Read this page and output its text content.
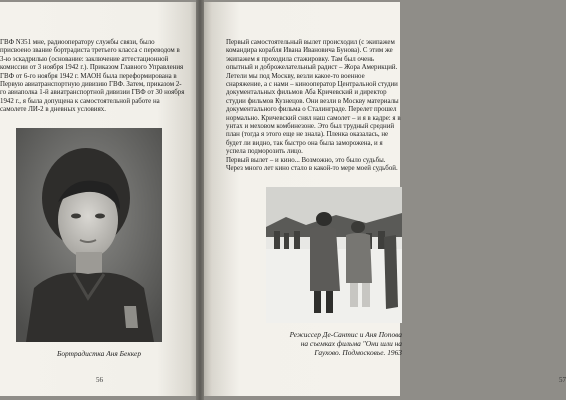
ГВФ N351 мне, радиооператору службы связи, было присвоено звание бортрадиста третьего класса с переводом в 3-ю эскадрилью (основание: заключение аттестационной комиссии от 3 ноября 1942 г.). Приказом Главного Управления ГВФ от 6-го ноября 1942 г. МАОН была переформирована в Первую авиатранспортную дивизию ГВФ. Затем, приказом 2-го авиаполка 1-й авиатранспортной дивизии ГВФ от 30 ноября 1942 г., я была допущена к самостоятельной работе на самолете ЛИ-2 в дневных условиях.
Бортрадистка Аня Беккер
56
Первый самостоятельный вылет происходил (с экипажем командира корабля Ивана Ивановича Бунова). С этим же экипажем я проходила стажировку. Там был очень опытный и доброжелательный радист – Жора Америкций. Летели мы под Москву, везли какое-то военное снаряжение, а с нами – кинооператор Центральной студии документальных фильмов Аба Кричевский и директор студии фильмов Кузнецов. Они везли в Москву материалы документального фильма о Сталинграде. Перелет прошел нормально. Кричевский снял наш самолет – и я в кадре: я в унтах и меховом комбинезоне. Это был трудный средний план (тогда я этого еще не знала). Пленка оказалась, не будет ли видно, так быстро она была заморожена, и я успела подморозить лицо.
Первый вылет – и кино... Возможно, это было судьбы. Через много лет кино стало в какой-то мере моей судьбой.
Режиссер Де-Сантис и Аня Попова
на съемках фильма "Они шли на
Гаухово. Подмосковье. 1963
57
